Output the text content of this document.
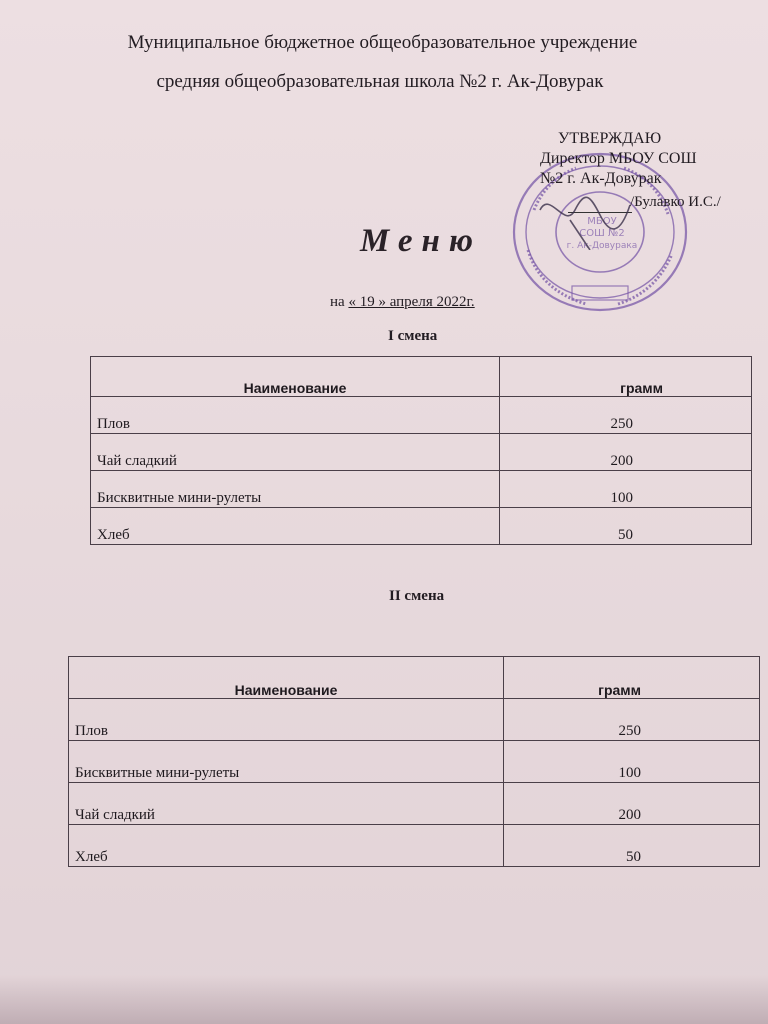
Муниципальное бюджетное общеобразовательное учреждение
средняя общеобразовательная школа №2 г. Ак-Довурак
МБОУ
СОШ №2
г. Ак-Довурака
УТВЕРЖДАЮ
Директор МБОУ СОШ
№2 г. Ак-Довурак
/Булавко И.С./
Меню
на « 19 » апреля 2022г.
I смена
Наименование	грамм
Плов	250
Чай сладкий	200
Бисквитные мини-рулеты	100
Хлеб	50
II смена
Наименование	грамм
Плов	250
Бисквитные мини-рулеты	100
Чай сладкий	200
Хлеб	50
